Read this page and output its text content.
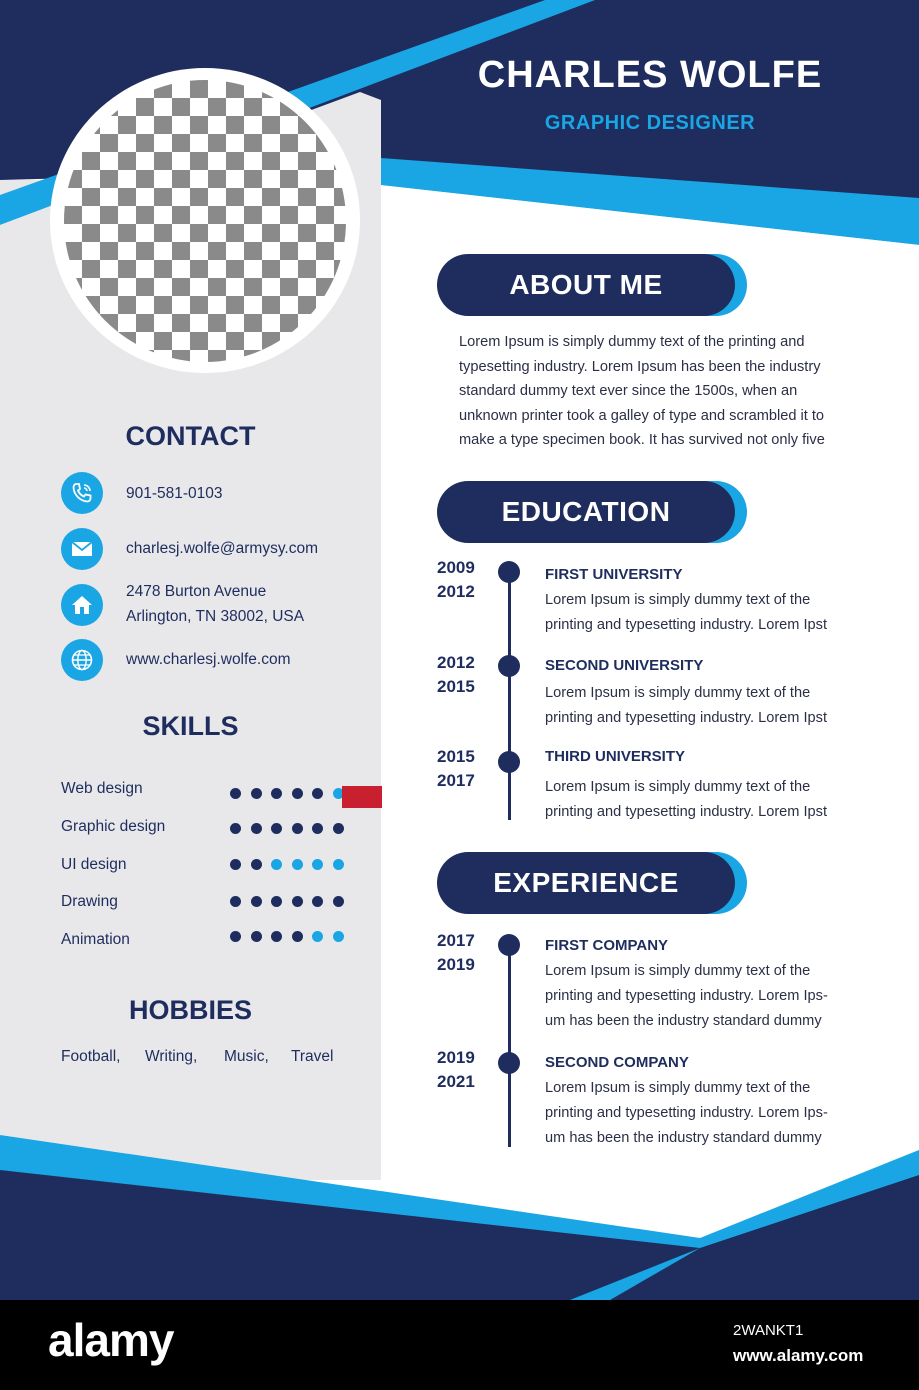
CHARLES WOLFE
GRAPHIC DESIGNER
CONTACT
901-581-0103
charlesj.wolfe@armysy.com
2478 Burton Avenue
Arlington, TN 38002, USA
www.charlesj.wolfe.com
SKILLS
Web design
Graphic design
UI design
Drawing
Animation
HOBBIES
Football, Writing, Music, Travel
ABOUT ME
Lorem Ipsum is simply dummy text of the printing and
typesetting industry. Lorem Ipsum has been the industry
standard dummy text ever since the 1500s, when an
unknown printer took a galley of type and scrambled it to
make a type specimen book. It has survived not only five
EDUCATION
2009
2012
FIRST UNIVERSITY
Lorem Ipsum is simply dummy text of the
printing and typesetting industry. Lorem Ipst
2012
2015
SECOND UNIVERSITY
Lorem Ipsum is simply dummy text of the
printing and typesetting industry. Lorem Ipst
2015
2017
THIRD UNIVERSITY
Lorem Ipsum is simply dummy text of the
printing and typesetting industry. Lorem Ipst
EXPERIENCE
2017
2019
FIRST COMPANY
Lorem Ipsum is simply dummy text of the
printing and typesetting industry. Lorem Ips-
um has been the industry standard dummy
2019
2021
SECOND COMPANY
Lorem Ipsum is simply dummy text of the
printing and typesetting industry. Lorem Ips-
um has been the industry standard dummy
alamy	2WANKT1
www.alamy.com
